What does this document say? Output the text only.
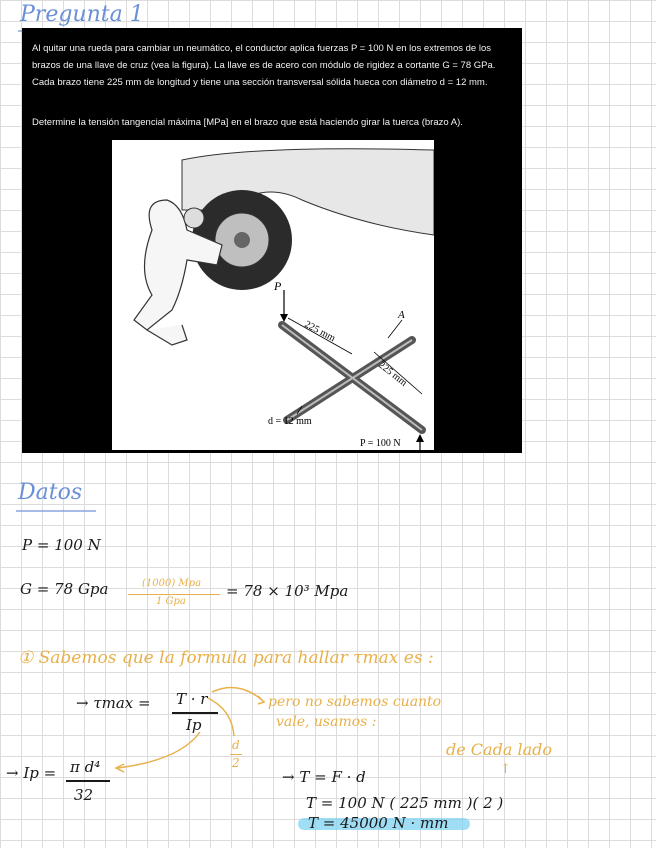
Pregunta 1

Al quitar una rueda para cambiar un neumático, el conductor aplica fuerzas P = 100 N en los extremos de los brazos de una llave de cruz (vea la figura). La llave es de acero con módulo de rigidez a cortante G = 78 GPa. Cada brazo tiene 225 mm de longitud y tiene una sección transversal sólida hueca con diámetro d = 12 mm.

Determine la tensión tangencial máxima [MPa] en el brazo que está haciendo girar la tuerca (brazo A).

P
225 mm
A
225 mm
d = 12 mm
P = 100 N
Datos
P = 100 N
G = 78 Gpa	(1000) Mpa
1 Gpa
= 78 × 10³ Mpa
① Sabemos que la formula para hallar τmax es :
→ τmax = T · r
Ip
pero no sabemos cuanto
vale, usamos :
d
2
→ Ip = π d⁴
32
de Cada lado
↑
→ T = F · d
T = 100 N ( 225 mm )( 2 )
T = 45000 N · mm
